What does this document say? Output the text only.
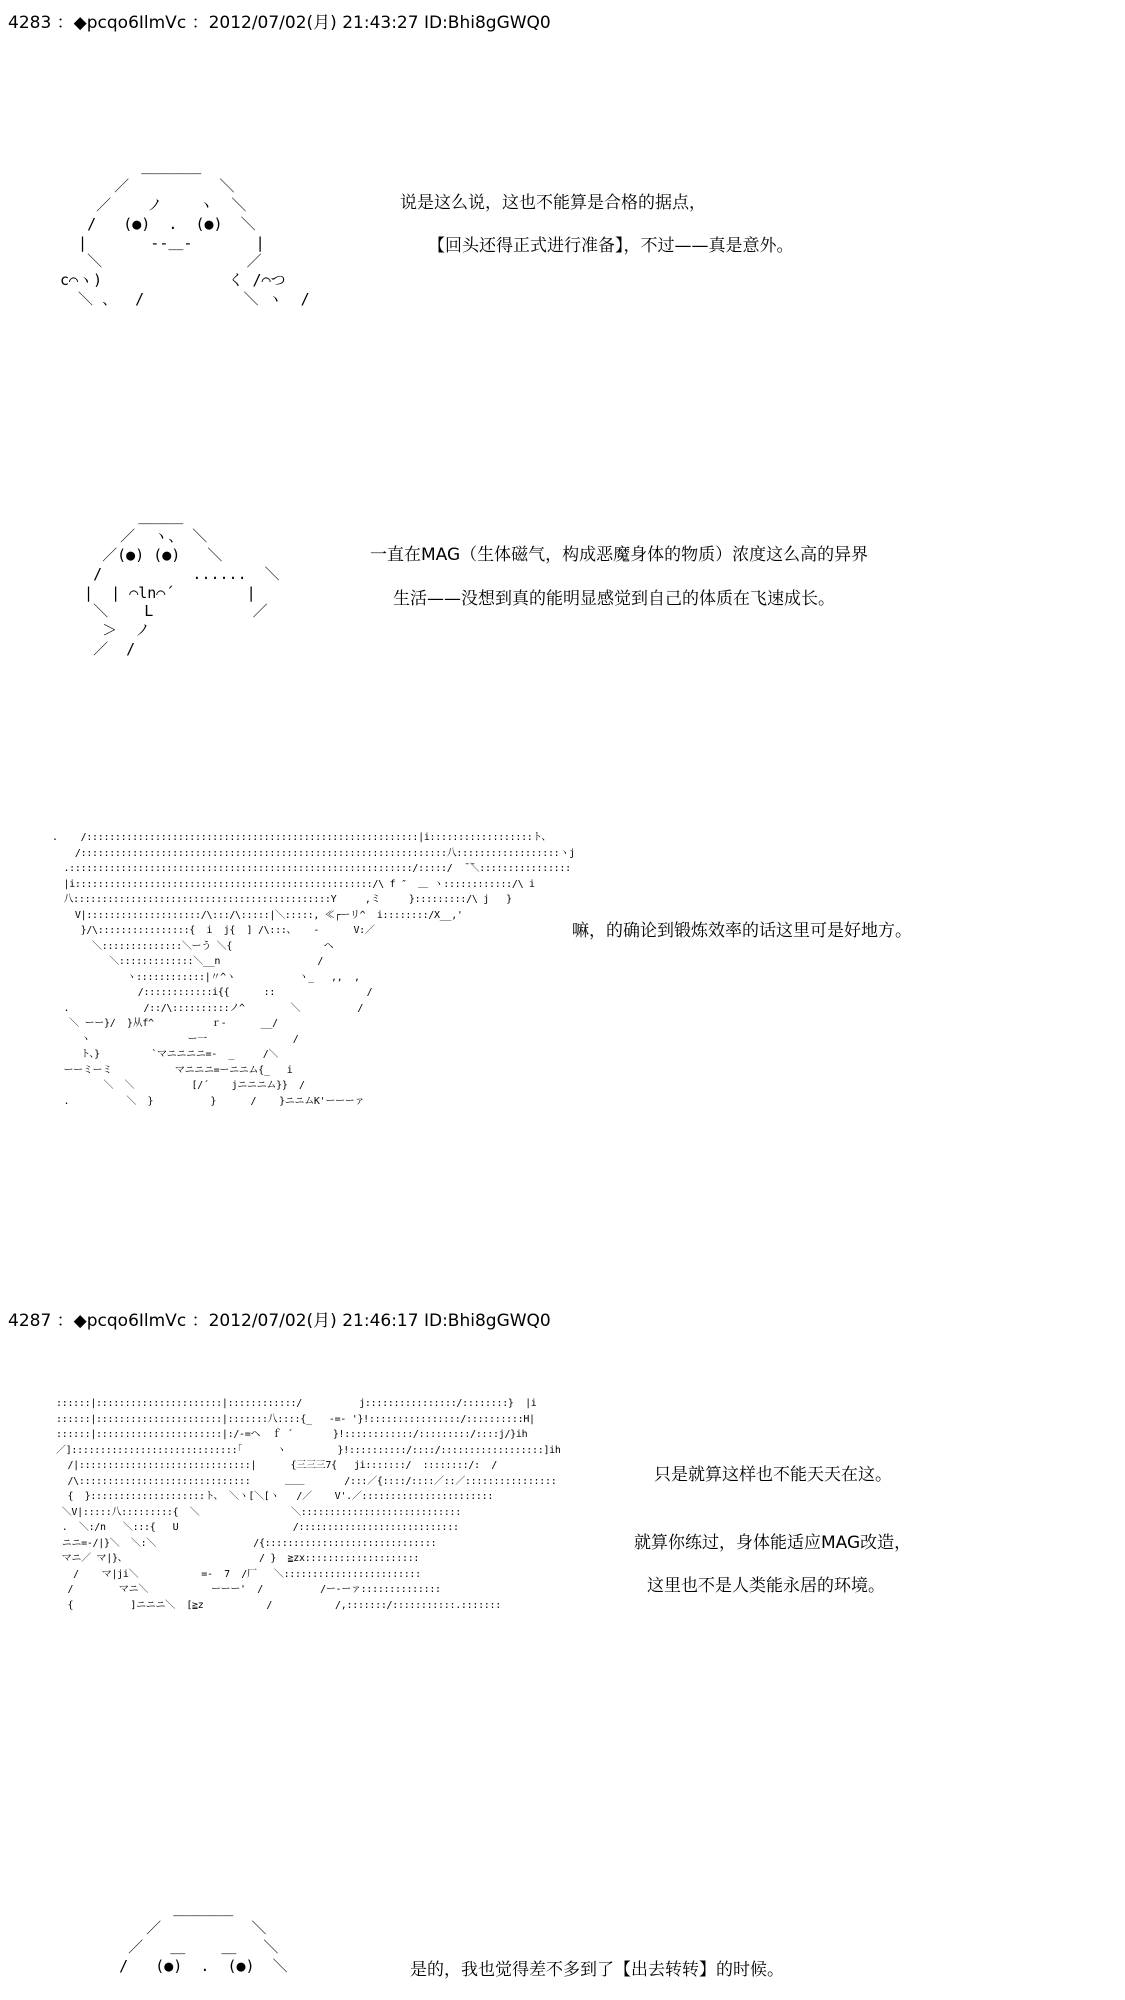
4283 ：◆pcqo6IlmVc ：2012/07/02(月) 21:43:27 ID:Bhi8gGWQ0
＿＿＿＿
／          ＼
／    ノ    ヽ  ＼
/   (●)  .  (●)  ＼
|       --＿-       |
＼                ／
c⌒ヽ)              く /⌒つ
＼ 、  /           ＼ ヽ  /
说是这么说，这也不能算是合格的据点，
【回头还得正式进行准备】，不过——真是意外。
＿＿＿
／  ヽ、 ＼
／(●) (●)   ＼
/          ......  ＼
|  | ⌒ln⌒´        |
＼    L           ／
＞  ノ
／  /
一直在MAG（生体磁气，构成恶魔身体的物质）浓度这么高的异界
生活——没想到真的能明显感觉到自己的体质在飞速成长。
.    /::::::::::::::::::::::::::::::::::::::::::::::::::::::::::|i::::::::::::::::::ト、
/::::::::::::::::::::::::::::::::::::::::::::::::::::::::::::::::八::::::::::::::::::ヽj
.::::::::::::::::::::::::::::::::::::::::::::::::::::::::::::/:::::/  ̄ ̄＼::::::::::::::::
|i::::::::::::::::::::::::::::::::::::::::::::::::::::/\ f ″  ＿ ヽ::::::::::::/\ i
八:::::::::::::::::::::::::::::::::::::::::::::Y     ,ミ     }:::::::::/\ j   }
V|::::::::::::::::::::/\:::/\:::::|＼:::::, ≪┌ーリ^  i::::::::/X__,'
}/\::::::::::::::::{  i  j{  ] /\:::、   ‐      V:／
＼::::::::::::::＼ーう ＼{                ヘ
＼:::::::::::::＼__n                 /
ヽ::::::::::::|〃^ヽ           ヽ_   ,,  ,
/::::::::::::i{{      ::                /
.             /::/\::::::::::ノ^        ＼          /
＼ ーー}/  }从f^          ｒ-      __/
ヽ                 ー一               /
ト、}         `マニニニニ=-  _     /＼
ーーミーミ           マニニニ=ーニニム{_   i
＼  ＼          [/´    jニニニム}}  /
.          ＼  }          }      /    }ニニムK'ーーーァ
嘛，的确论到锻炼效率的话这里可是好地方。
4287 ：◆pcqo6IlmVc ：2012/07/02(月) 21:46:17 ID:Bhi8gGWQ0
::::::|::::::::::::::::::::::|::::::::::::/          j::::::::::::::::/::::::::}  |i
::::::|::::::::::::::::::::::|:::::::八::::{_   -=- '}!::::::::::::::::/::::::::::H|
::::::|::::::::::::::::::::::|:/-=ヘ  ｆ ´       }!::::::::::::/:::::::::/::::j/}ih
／]:::::::::::::::::::::::::::::｢      ヽ         }!::::::::::/::::/::::::::::::::::::]ih
/|::::::::::::::::::::::::::::::|      {三三三7{   ji:::::::/  ::::::::/:  /
/\::::::::::::::::::::::::::::::      ＿＿       /:::／{::::/::::／::／::::::::::::::::
{  }::::::::::::::::::::ト、 ＼ヽ[＼[ヽ   /／    V'.／:::::::::::::::::::::::
＼V|:::::八:::::::::{  ＼                ＼::::::::::::::::::::::::::::
.  ＼:/n   ＼:::{   U                    /::::::::::::::::::::::::::::
ニニ=-/|}＼  ＼:＼                 /{::::::::::::::::::::::::::::::
マニ／ マ|}、                       / }  ≧zx::::::::::::::::::::
/    マ|ji＼           =-  7  /厂   ＼::::::::::::::::::::::::
/        マニ＼           ーーー'  /          /ー‐ーァ::::::::::::::
{          ]ニニニ＼  [≧z           /           /,:::::::/:::::::::::.:::::::
只是就算这样也不能天天在这。
就算你练过，身体能适应MAG改造，
这里也不是人类能永居的环境。
＿＿＿＿
／          ＼
／   ＿    ＿   ＼
/   (●)  .  (●)  ＼	是的，我也觉得差不多到了【出去转转】的时候。
